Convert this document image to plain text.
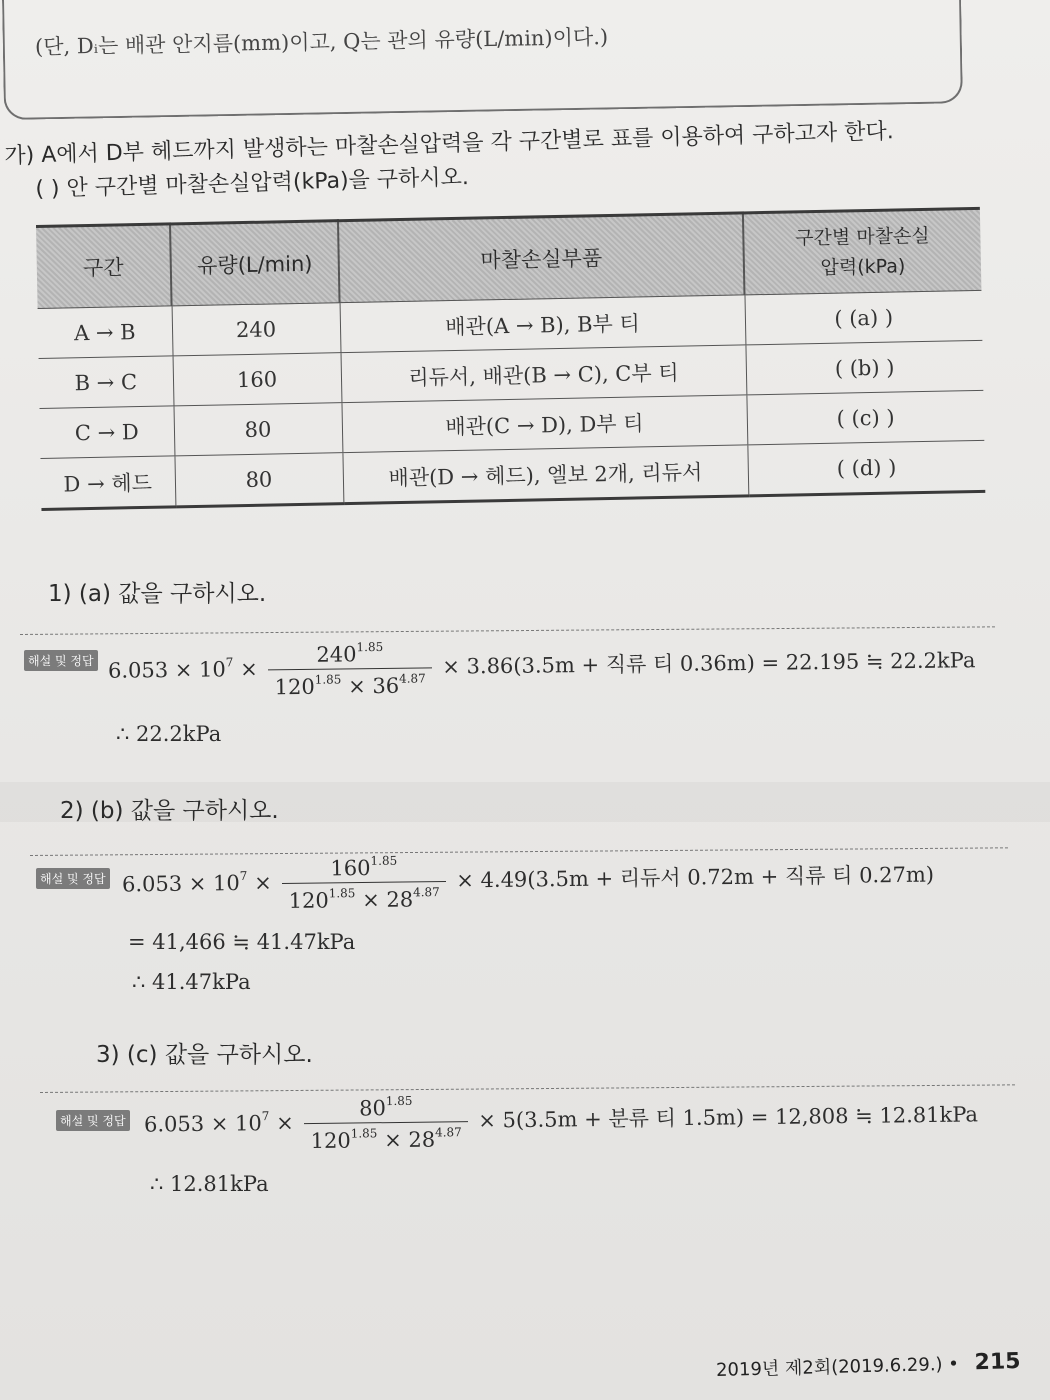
(단, Dᵢ는 배관 안지름(mm)이고, Q는 관의 유량(L/min)이다.)
가) A에서 D부 헤드까지 발생하는 마찰손실압력을 각 구간별로 표를 이용하여 구하고자 한다.
( ) 안 구간별 마찰손실압력(kPa)을 구하시오.
구간	유량(L/min)	마찰손실부품	구간별 마찰손실
압력(kPa)

A → B	240	배관(A → B), B부 티	( (a) )
B → C	160	리듀서, 배관(B → C), C부 티	( (b) )
C → D	80	배관(C → D), D부 티	( (c) )
D → 헤드	80	배관(D → 헤드), 엘보 2개, 리듀서	( (d) )
1) (a) 값을 구하시오.
해설 및 정답 $6.053 \times 10^7 \times \frac{240^{1.85}}{120^{1.85} \times 36^{4.87}} \times 3.86(3.5m$ + 직류 티 0.36m) = 22.195 ≒ 22.2kPa
∴ 22.2kPa
2) (b) 값을 구하시오.
해설 및 정답 $6.053 \times 10^7 \times \frac{160^{1.85}}{120^{1.85} \times 28^{4.87}} \times 4.49(3.5m$ + 리듀서 0.72m + 직류 티 0.27m)
= 41,466 ≒ 41.47kPa
∴ 41.47kPa
3) (c) 값을 구하시오.
해설 및 정답 $6.053 \times 10^7 \times \frac{80^{1.85}}{120^{1.85} \times 28^{4.87}} \times 5(3.5m$ + 분류 티 1.5m) = 12,808 ≒ 12.81kPa
∴ 12.81kPa
2019년 제2회(2019.6.29.) • 215
